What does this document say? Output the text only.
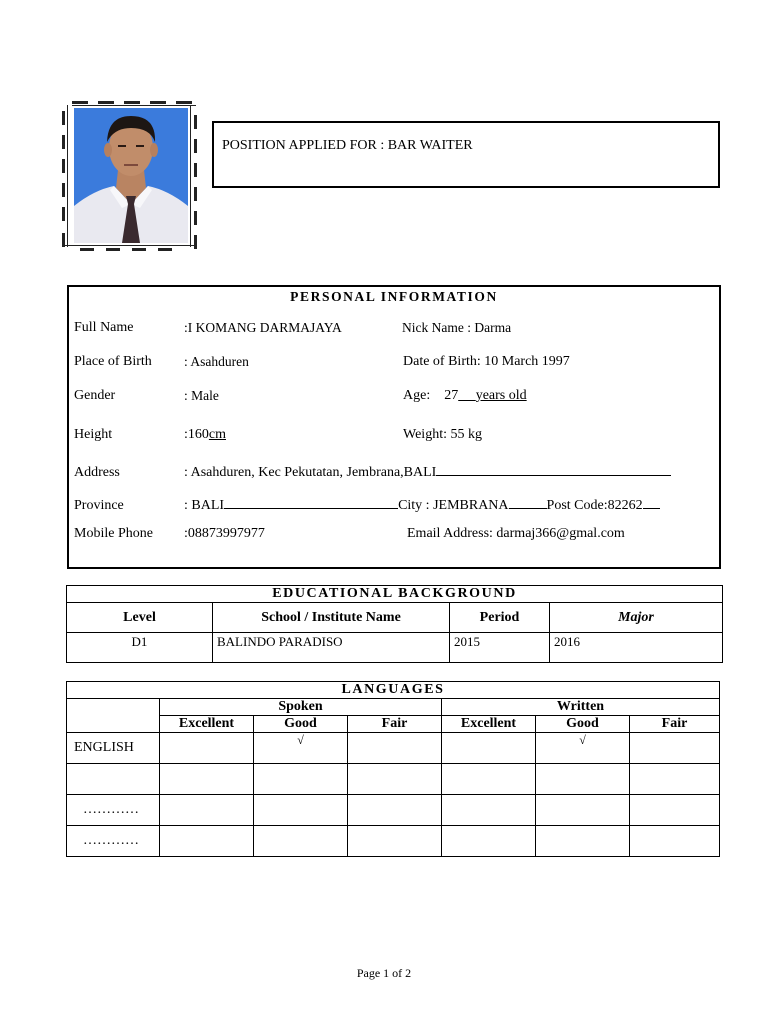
POSITION APPLIED FOR : BAR WAITER
PERSONAL INFORMATION
Full Name	:I KOMANG DARMAJAYA	Nick Name : Darma
Place of Birth : Asahduren	Date of Birth: 10 March 1997
Gender	: Male	Age: 27 years old
Height	:160cm	Weight: 55 kg
Address	: Asahduren, Kec Pekutatan, Jembrana,BALI
Province	: BALI	City : JEMBRANA	Post Code:82262
Mobile Phone :08873997977	Email Address: darmaj366@gmal.com
EDUCATIONAL BACKGROUND			
Level	School / Institute Name	Period	Major
D1	BALINDO PARADISO	2015	2016
LANGUAGES						
	Spoken			Written		
	Excellent	Good	Fair	Excellent	Good	Fair
ENGLISH		√			√	

…………						
…………						
Page 1 of 2
